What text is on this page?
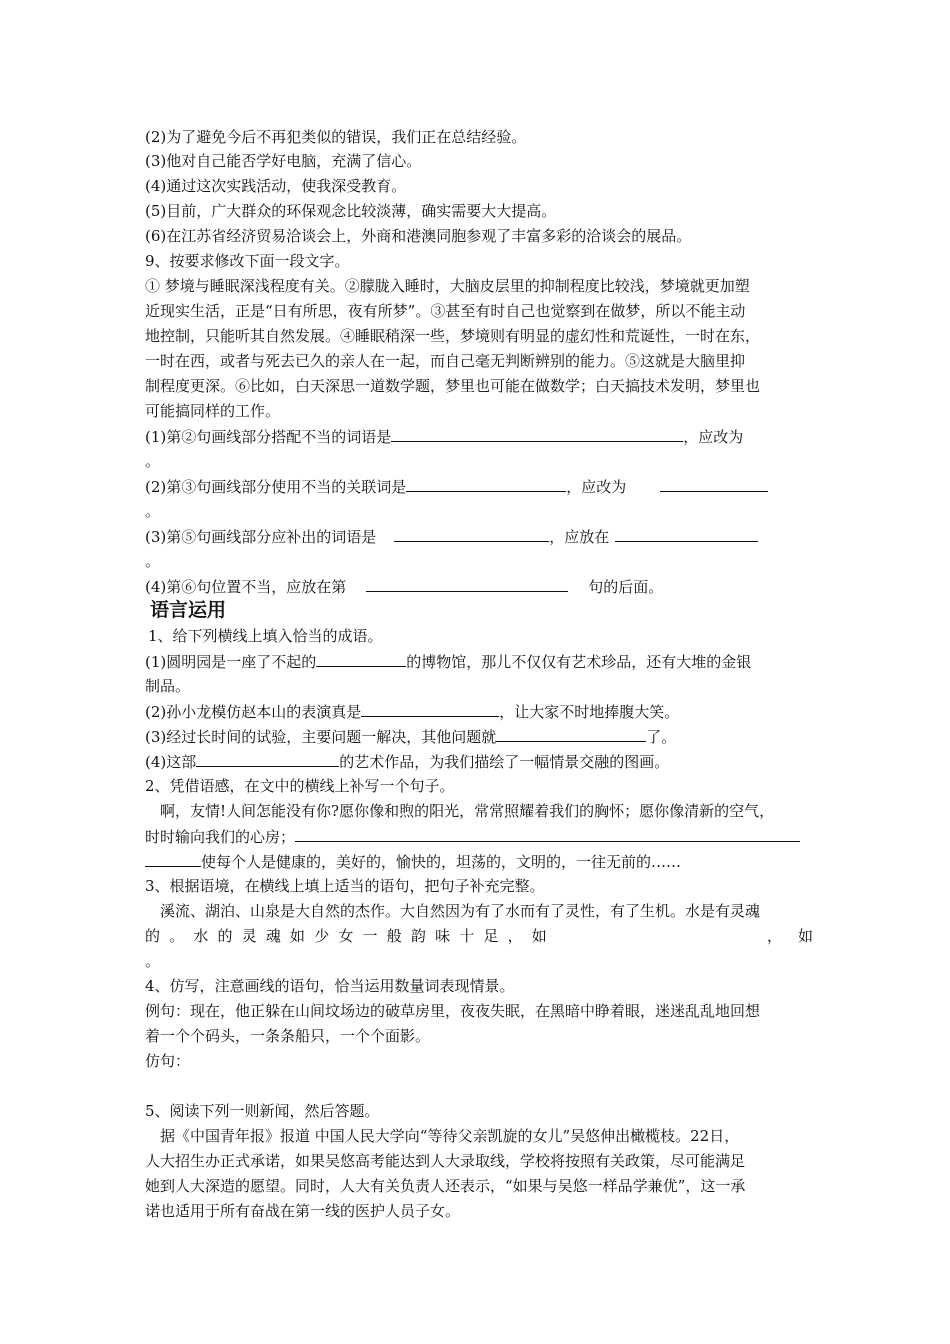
(2)为了避免今后不再犯类似的错误，我们正在总结经验。
(3)他对自己能否学好电脑，充满了信心。
(4)通过这次实践活动，使我深受教育。
(5)目前，广大群众的环保观念比较淡薄，确实需要大大提高。
(6)在江苏省经济贸易洽谈会上，外商和港澳同胞参观了丰富多彩的洽谈会的展品。
9、按要求修改下面一段文字。
① 梦境与睡眠深浅程度有关。②朦胧入睡时，大脑皮层里的抑制程度比较浅，梦境就更加塑
近现实生活，正是“日有所思，夜有所梦”。③甚至有时自己也觉察到在做梦，所以不能主动
地控制，只能听其自然发展。④睡眠稍深一些，梦境则有明显的虚幻性和荒诞性，一时在东，
一时在西，或者与死去已久的亲人在一起，而自己毫无判断辨别的能力。⑤这就是大脑里抑
制程度更深。⑥比如，白天深思一道数学题，梦里也可能在做数学；白天搞技术发明，梦里也
可能搞同样的工作。
(1)第②句画线部分搭配不当的词语是	，应改为
。
(2)第③句画线部分使用不当的关联词是	，应改为
。
(3)第⑤句画线部分应补出的词语是	，应放在
。
(4)第⑥句位置不当，应放在第	句的后面。
语言运用
1、给下列横线上填入恰当的成语。
(1)圆明园是一座了不起的	的博物馆，那儿不仅仅有艺术珍品，还有大堆的金银
制品。
(2)孙小龙模仿赵本山的表演真是	，让大家不时地捧腹大笑。
(3)经过长时间的试验，主要问题一解决，其他问题就	了。
(4)这部	的艺术作品，为我们描绘了一幅情景交融的图画。
2、凭借语感，在文中的横线上补写一个句子。
啊，友情!人间怎能没有你?愿你像和煦的阳光，常常照耀着我们的胸怀；愿你像清新的空气，
时时输向我们的心房；
使每个人是健康的，美好的，愉快的，坦荡的，文明的，一往无前的……
3、根据语境，在横线上填上适当的语句，把句子补充完整。
溪流、湖泊、山泉是大自然的杰作。大自然因为有了水而有了灵性，有了生机。水是有灵魂
的 。 水 的 灵 魂 如 少 女 一 般 韵 味 十 足 ， 如	， 如
。
4、仿写，注意画线的语句，恰当运用数量词表现情景。
例句：现在，他正躲在山间坟场边的破草房里，夜夜失眠，在黑暗中睁着眼，迷迷乱乱地回想
着一个个码头，一条条船只，一个个面影。
仿句：
5、阅读下列一则新闻，然后答题。
据《中国青年报》报道 中国人民大学向“等待父亲凯旋的女儿”吴悠伸出橄榄枝。22日，
人大招生办正式承诺，如果吴悠高考能达到人大录取线，学校将按照有关政策，尽可能满足
她到人大深造的愿望。同时，人大有关负责人还表示，“如果与吴悠一样品学兼优”，这一承
诺也适用于所有奋战在第一线的医护人员子女。
